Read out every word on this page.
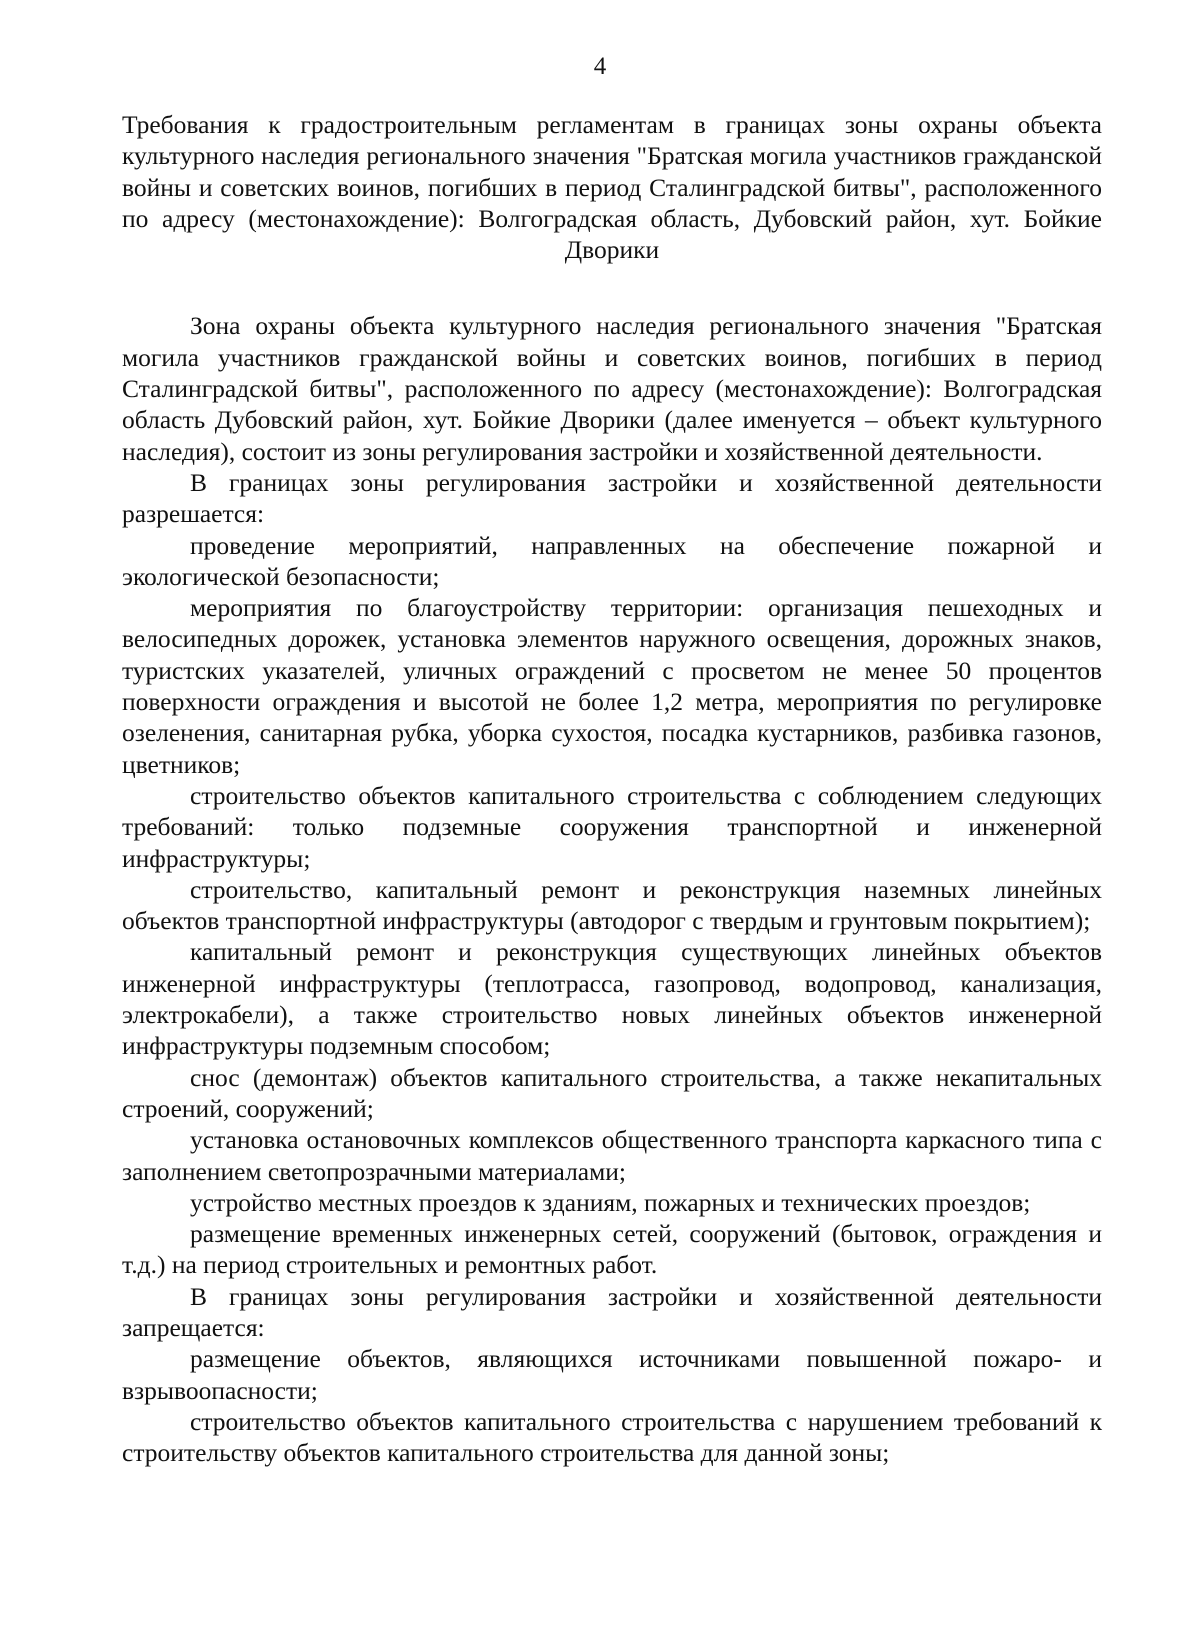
4
Требования к градостроительным регламентам в границах зоны охраны объекта культурного наследия регионального значения "Братская могила участников гражданской войны и советских воинов, погибших в период Сталинградской битвы", расположенного по адресу (местонахождение): Волгоградская область, Дубовский район, хут. Бойкие Дворики

Зона охраны объекта культурного наследия регионального значения "Братская могила участников гражданской войны и советских воинов, погибших в период Сталинградской битвы", расположенного по адресу (местонахождение): Волгоградская область Дубовский район, хут. Бойкие Дворики (далее именуется – объект культурного наследия), состоит из зоны регулирования застройки и хозяйственной деятельности.

В границах зоны регулирования застройки и хозяйственной деятельности разрешается:

проведение мероприятий, направленных на обеспечение пожарной и экологической безопасности;

мероприятия по благоустройству территории: организация пешеходных и велосипедных дорожек, установка элементов наружного освещения, дорожных знаков, туристских указателей, уличных ограждений с просветом не менее 50 процентов поверхности ограждения и высотой не более 1,2 метра, мероприятия по регулировке озеленения, санитарная рубка, уборка сухостоя, посадка кустарников, разбивка газонов, цветников;

строительство объектов капитального строительства с соблюдением следующих требований: только подземные сооружения транспортной и инженерной инфраструктуры;

строительство, капитальный ремонт и реконструкция наземных линейных объектов транспортной инфраструктуры (автодорог с твердым и грунтовым покрытием);

капитальный ремонт и реконструкция существующих линейных объектов инженерной инфраструктуры (теплотрасса, газопровод, водопровод, канализация, электрокабели), а также строительство новых линейных объектов инженерной инфраструктуры подземным способом;

снос (демонтаж) объектов капитального строительства, а также некапитальных строений, сооружений;

установка остановочных комплексов общественного транспорта каркасного типа с заполнением светопрозрачными материалами;

устройство местных проездов к зданиям, пожарных и технических проездов;

размещение временных инженерных сетей, сооружений (бытовок, ограждения и т.д.) на период строительных и ремонтных работ.

В границах зоны регулирования застройки и хозяйственной деятельности запрещается:

размещение объектов, являющихся источниками повышенной пожаро- и взрывоопасности;

строительство объектов капитального строительства с нарушением требований к строительству объектов капитального строительства для данной зоны;
